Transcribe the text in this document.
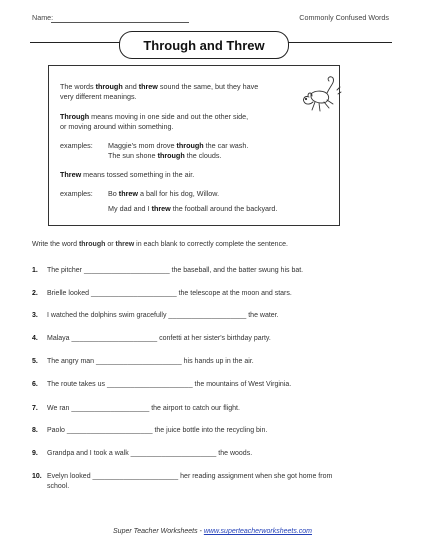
Name:	Commonly Confused Words
Through and Threw
The words through and threw sound the same, but they have
very different meanings.
Through means moving in one side and out the other side,
or moving around within something.
examples: Maggie's mom drove through the car wash.
The sun shone through the clouds.
Threw means tossed something in the air.
examples: Bo threw a ball for his dog, Willow.
My dad and I threw the football around the backyard.
Write the word through or threw in each blank to correctly complete the sentence.
1. The pitcher ______________________ the baseball, and the batter swung his bat.
2. Brielle looked ______________________ the telescope at the moon and stars.
3. I watched the dolphins swim gracefully ____________________ the water.
4. Malaya ______________________ confetti at her sister's birthday party.
5. The angry man ______________________ his hands up in the air.
6. The route takes us ______________________ the mountains of West Virginia.
7. We ran ____________________ the airport to catch our flight.
8. Paolo ______________________ the juice bottle into the recycling bin.
9. Grandpa and I took a walk ______________________ the woods.
10. Evelyn looked ______________________ her reading assignment when she got home from
school.
Super Teacher Worksheets - www.superteacherworksheets.com
